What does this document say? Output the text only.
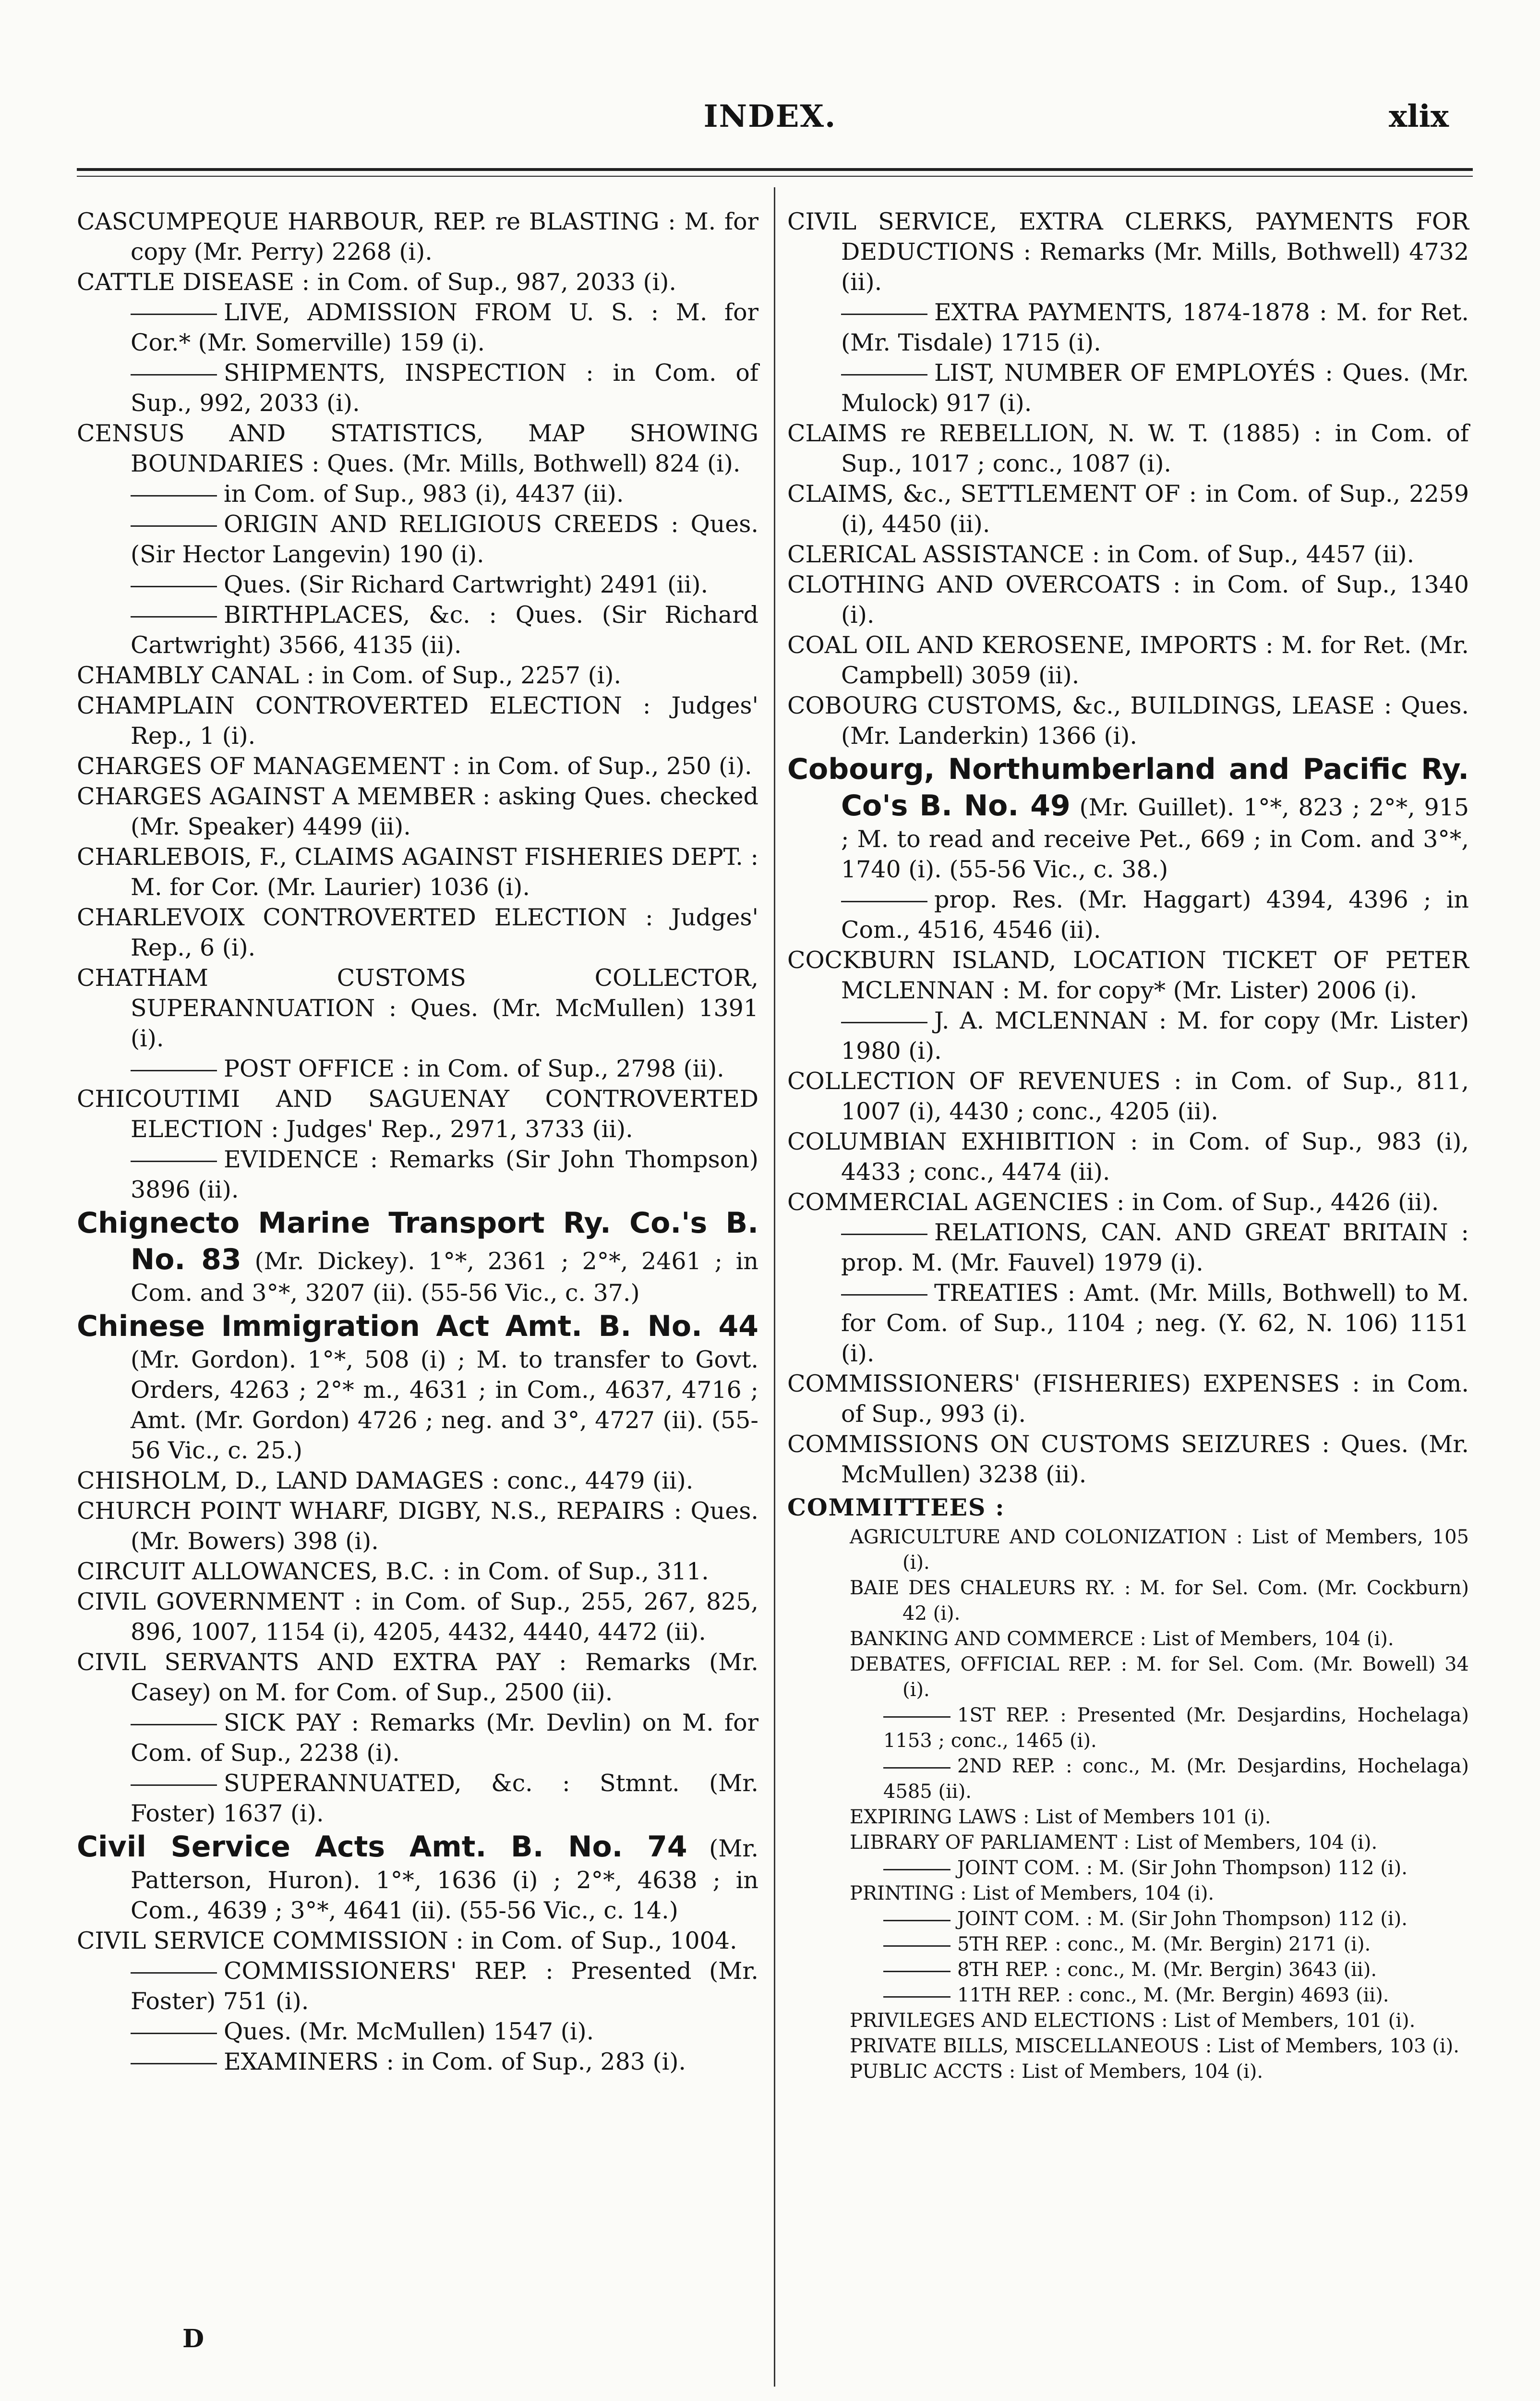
INDEX.	xlix

CASCUMPEQUE HARBOUR, REP. re BLASTING : M. for copy (Mr. Perry) 2268 (i).

CATTLE DISEASE : in Com. of Sup., 987, 2033 (i).

LIVE, ADMISSION FROM U. S. : M. for Cor.* (Mr. Somerville) 159 (i).

SHIPMENTS, INSPECTION : in Com. of Sup., 992, 2033 (i).

CENSUS AND STATISTICS, MAP SHOWING BOUNDARIES : Ques. (Mr. Mills, Bothwell) 824 (i).

in Com. of Sup., 983 (i), 4437 (ii).

ORIGIN AND RELIGIOUS CREEDS : Ques. (Sir Hector Langevin) 190 (i).

Ques. (Sir Richard Cartwright) 2491 (ii).

BIRTHPLACES, &c. : Ques. (Sir Richard Cartwright) 3566, 4135 (ii).

CHAMBLY CANAL : in Com. of Sup., 2257 (i).

CHAMPLAIN CONTROVERTED ELECTION : Judges' Rep., 1 (i).

CHARGES OF MANAGEMENT : in Com. of Sup., 250 (i).

CHARGES AGAINST A MEMBER : asking Ques. checked (Mr. Speaker) 4499 (ii).

CHARLEBOIS, F., CLAIMS AGAINST FISHERIES DEPT. : M. for Cor. (Mr. Laurier) 1036 (i).

CHARLEVOIX CONTROVERTED ELECTION : Judges' Rep., 6 (i).

CHATHAM CUSTOMS COLLECTOR, SUPERANNUATION : Ques. (Mr. McMullen) 1391 (i).

POST OFFICE : in Com. of Sup., 2798 (ii).

CHICOUTIMI AND SAGUENAY CONTROVERTED ELECTION : Judges' Rep., 2971, 3733 (ii).

EVIDENCE : Remarks (Sir John Thompson) 3896 (ii).

Chignecto Marine Transport Ry. Co.'s B. No. 83 (Mr. Dickey). 1°*, 2361 ; 2°*, 2461 ; in Com. and 3°*, 3207 (ii). (55-56 Vic., c. 37.)

Chinese Immigration Act Amt. B. No. 44 (Mr. Gordon). 1°*, 508 (i) ; M. to transfer to Govt. Orders, 4263 ; 2°* m., 4631 ; in Com., 4637, 4716 ; Amt. (Mr. Gordon) 4726 ; neg. and 3°, 4727 (ii). (55-56 Vic., c. 25.)

CHISHOLM, D., LAND DAMAGES : conc., 4479 (ii).

CHURCH POINT WHARF, DIGBY, N.S., REPAIRS : Ques. (Mr. Bowers) 398 (i).

CIRCUIT ALLOWANCES, B.C. : in Com. of Sup., 311.

CIVIL GOVERNMENT : in Com. of Sup., 255, 267, 825, 896, 1007, 1154 (i), 4205, 4432, 4440, 4472 (ii).

CIVIL SERVANTS AND EXTRA PAY : Remarks (Mr. Casey) on M. for Com. of Sup., 2500 (ii).

SICK PAY : Remarks (Mr. Devlin) on M. for Com. of Sup., 2238 (i).

SUPERANNUATED, &c. : Stmnt. (Mr. Foster) 1637 (i).

Civil Service Acts Amt. B. No. 74 (Mr. Patterson, Huron). 1°*, 1636 (i) ; 2°*, 4638 ; in Com., 4639 ; 3°*, 4641 (ii). (55-56 Vic., c. 14.)

CIVIL SERVICE COMMISSION : in Com. of Sup., 1004.

COMMISSIONERS' REP. : Presented (Mr. Foster) 751 (i).

Ques. (Mr. McMullen) 1547 (i).

EXAMINERS : in Com. of Sup., 283 (i).

CIVIL SERVICE, EXTRA CLERKS, PAYMENTS FOR DEDUCTIONS : Remarks (Mr. Mills, Bothwell) 4732 (ii).

EXTRA PAYMENTS, 1874-1878 : M. for Ret. (Mr. Tisdale) 1715 (i).

LIST, NUMBER OF EMPLOYÉS : Ques. (Mr. Mulock) 917 (i).

CLAIMS re REBELLION, N. W. T. (1885) : in Com. of Sup., 1017 ; conc., 1087 (i).

CLAIMS, &c., SETTLEMENT OF : in Com. of Sup., 2259 (i), 4450 (ii).

CLERICAL ASSISTANCE : in Com. of Sup., 4457 (ii).

CLOTHING AND OVERCOATS : in Com. of Sup., 1340 (i).

COAL OIL AND KEROSENE, IMPORTS : M. for Ret. (Mr. Campbell) 3059 (ii).

COBOURG CUSTOMS, &c., BUILDINGS, LEASE : Ques. (Mr. Landerkin) 1366 (i).

Cobourg, Northumberland and Pacific Ry. Co's B. No. 49 (Mr. Guillet). 1°*, 823 ; 2°*, 915 ; M. to read and receive Pet., 669 ; in Com. and 3°*, 1740 (i). (55-56 Vic., c. 38.)

prop. Res. (Mr. Haggart) 4394, 4396 ; in Com., 4516, 4546 (ii).

COCKBURN ISLAND, LOCATION TICKET OF PETER MCLENNAN : M. for copy* (Mr. Lister) 2006 (i).

J. A. MCLENNAN : M. for copy (Mr. Lister) 1980 (i).

COLLECTION OF REVENUES : in Com. of Sup., 811, 1007 (i), 4430 ; conc., 4205 (ii).

COLUMBIAN EXHIBITION : in Com. of Sup., 983 (i), 4433 ; conc., 4474 (ii).

COMMERCIAL AGENCIES : in Com. of Sup., 4426 (ii).

RELATIONS, CAN. AND GREAT BRITAIN : prop. M. (Mr. Fauvel) 1979 (i).

TREATIES : Amt. (Mr. Mills, Bothwell) to M. for Com. of Sup., 1104 ; neg. (Y. 62, N. 106) 1151 (i).

COMMISSIONERS' (FISHERIES) EXPENSES : in Com. of Sup., 993 (i).

COMMISSIONS ON CUSTOMS SEIZURES : Ques. (Mr. McMullen) 3238 (ii).

COMMITTEES :

AGRICULTURE AND COLONIZATION : List of Members, 105 (i).

BAIE DES CHALEURS RY. : M. for Sel. Com. (Mr. Cockburn) 42 (i).

BANKING AND COMMERCE : List of Members, 104 (i).

DEBATES, OFFICIAL REP. : M. for Sel. Com. (Mr. Bowell) 34 (i).

1ST REP. : Presented (Mr. Desjardins, Hochelaga) 1153 ; conc., 1465 (i).

2ND REP. : conc., M. (Mr. Desjardins, Hochelaga) 4585 (ii).

EXPIRING LAWS : List of Members 101 (i).

LIBRARY OF PARLIAMENT : List of Members, 104 (i).

JOINT COM. : M. (Sir John Thompson) 112 (i).

PRINTING : List of Members, 104 (i).

JOINT COM. : M. (Sir John Thompson) 112 (i).

5TH REP. : conc., M. (Mr. Bergin) 2171 (i).

8TH REP. : conc., M. (Mr. Bergin) 3643 (ii).

11TH REP. : conc., M. (Mr. Bergin) 4693 (ii).

PRIVILEGES AND ELECTIONS : List of Members, 101 (i).

PRIVATE BILLS, MISCELLANEOUS : List of Members, 103 (i).

PUBLIC ACCTS : List of Members, 104 (i).

D
